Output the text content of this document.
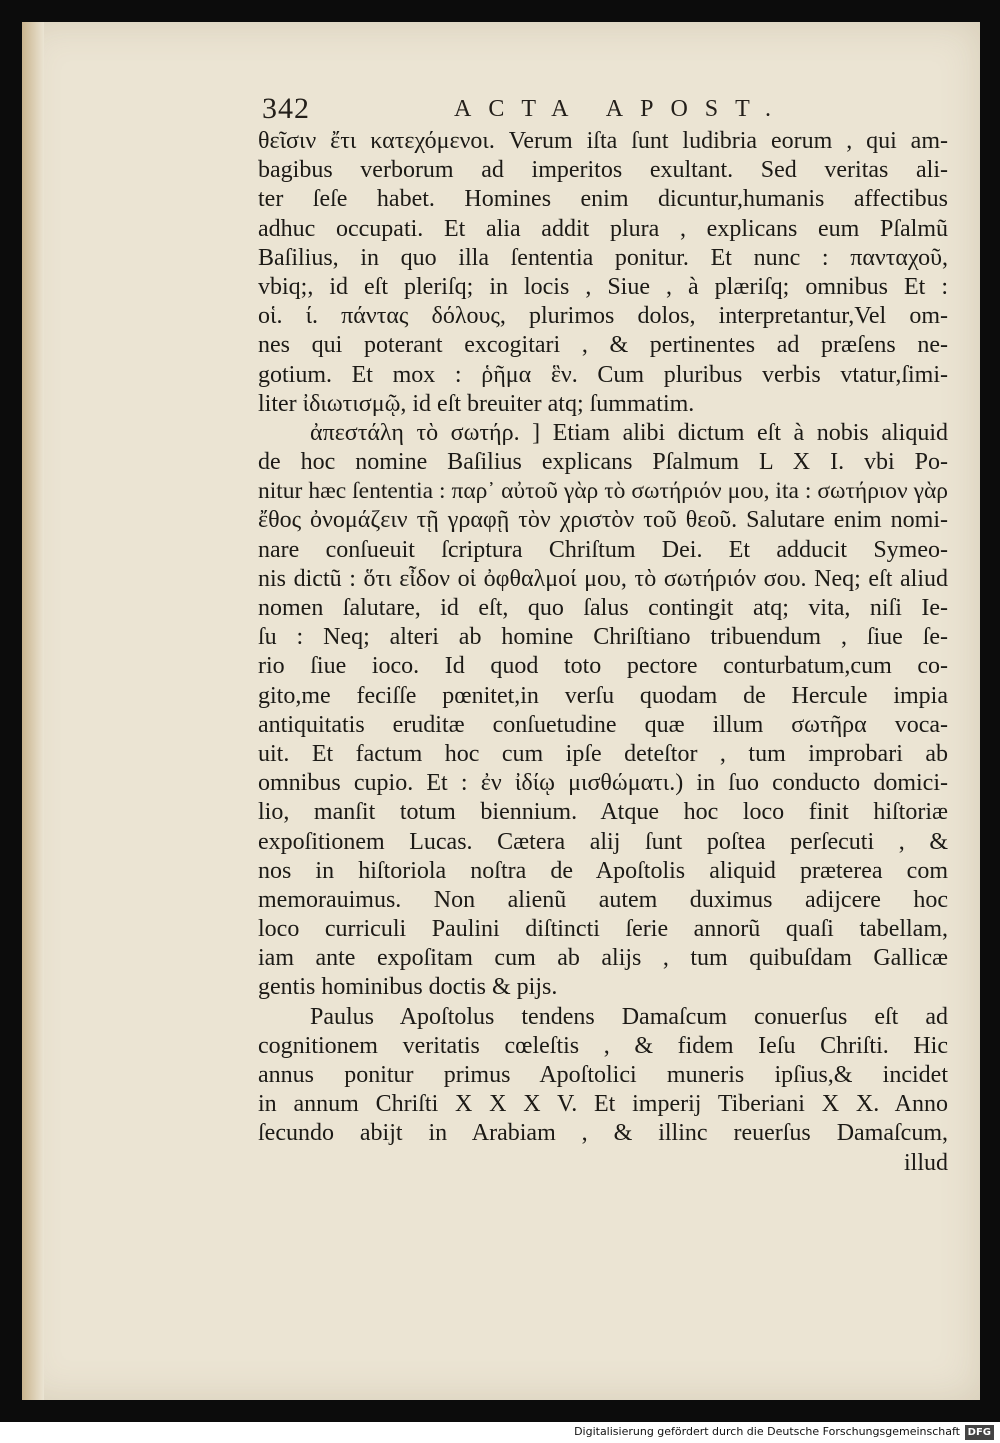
342	ACTA APOST.
θεῖσιν ἔτι κατεχόμενοι. Verum iſta ſunt ludibria eorum , qui am-
bagibus verborum ad imperitos exultant. Sed veritas ali-
ter ſeſe habet. Homines enim dicuntur,humanis affectibus
adhuc occupati. Et alia addit plura , explicans eum Pſalmũ
Baſilius, in quo illa ſententia ponitur. Et nunc : πανταχοῦ,
vbiq;, id eſt pleriſq; in locis , Siue , à plæriſq; omnibus Et :
οἱ. ί. πάντας δόλους, plurimos dolos, interpretantur,Vel om-
nes qui poterant excogitari , & pertinentes ad præſens ne-
gotium. Et mox : ῥῆμα ἓν. Cum pluribus verbis vtatur,ſimi-
liter ἰδιωτισμῷ, id eſt breuiter atq; ſummatim.
ἀπεστάλη τὸ σωτήρ. ] Etiam alibi dictum eſt à nobis aliquid
de hoc nomine Baſilius explicans Pſalmum L X I. vbi Po-
nitur hæc ſententia : παρ᾽ αὐτοῦ γὰρ τὸ σωτήριόν μου, ita : σωτήριον γὰρ
ἔθος ὀνομάζειν τῇ γραφῇ τὸν χριστὸν τοῦ θεοῦ. Salutare enim nomi-
nare conſueuit ſcriptura Chriſtum Dei. Et adducit Symeo-
nis dictũ : ὅτι εἶδον οἱ ὀφθαλμοί μου, τὸ σωτήριόν σου. Neq; eſt aliud
nomen ſalutare, id eſt, quo ſalus contingit atq; vita, niſi Ie-
ſu : Neq; alteri ab homine Chriſtiano tribuendum , ſiue ſe-
rio ſiue ioco. Id quod toto pectore conturbatum,cum co-
gito,me feciſſe pœnitet,in verſu quodam de Hercule impia
antiquitatis eruditæ conſuetudine quæ illum σωτῆρα voca-
uit. Et factum hoc cum ipſe deteſtor , tum improbari ab
omnibus cupio. Et : ἐν ἰδίῳ μισθώματι.) in ſuo conducto domici-
lio, manſit totum biennium. Atque hoc loco finit hiſtoriæ
expoſitionem Lucas. Cætera alij ſunt poſtea perſecuti , &
nos in hiſtoriola noſtra de Apoſtolis aliquid præterea com
memorauimus. Non alienũ autem duximus adijcere hoc
loco curriculi Paulini diſtincti ſerie annorũ quaſi tabellam,
iam ante expoſitam cum ab alijs , tum quibuſdam Gallicæ
gentis hominibus doctis & pijs.
Paulus Apoſtolus tendens Damaſcum conuerſus eſt ad
cognitionem veritatis cœleſtis , & fidem Ieſu Chriſti. Hic
annus ponitur primus Apoſtolici muneris ipſius,& incidet
in annum Chriſti X X X V. Et imperij Tiberiani X X. Anno
ſecundo abijt in Arabiam , & illinc reuerſus Damaſcum,
illud
Digitalisierung gefördert durch die Deutsche Forschungsgemeinschaft DFG
